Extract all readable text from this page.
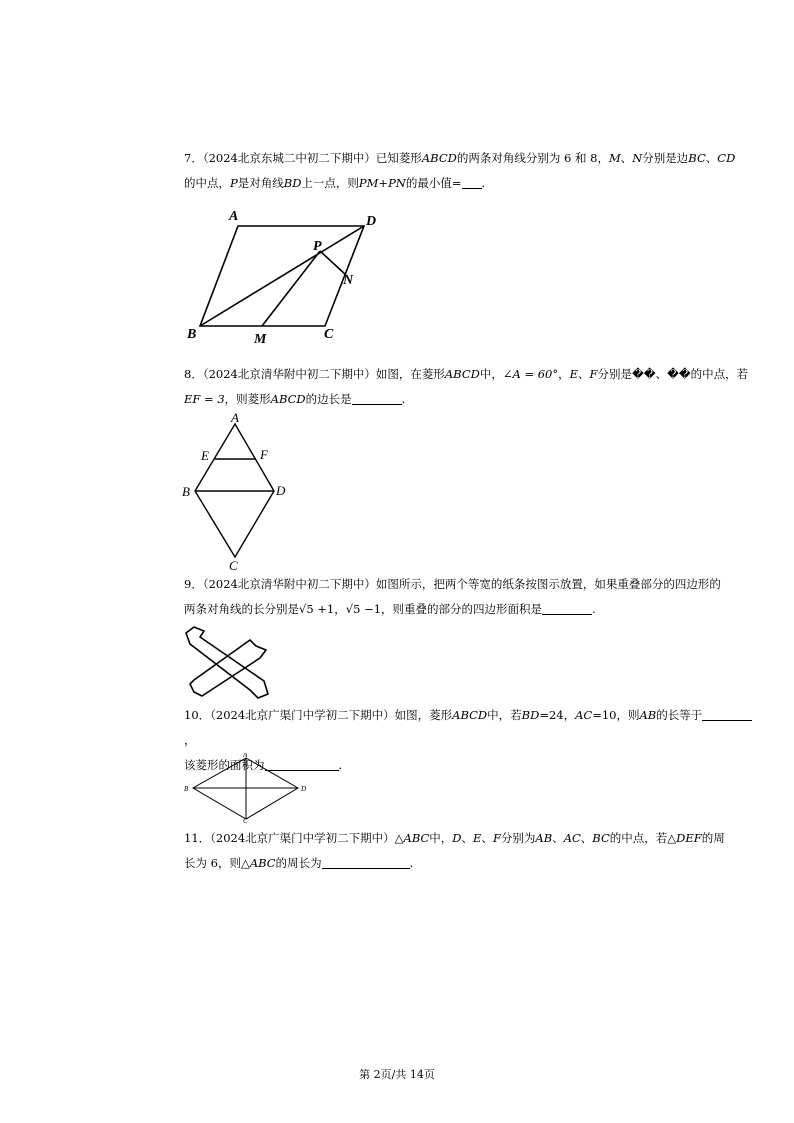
7．（2024北京东城二中初二下期中）已知菱形ABCD的两条对角线分别为 6 和 8，M、N分别是边BC、CD

的中点，P是对角线BD上一点，则PM+PN的最小值= .

A	D
P
N
B	C
M

8．（2024北京清华附中初二下期中）如图，在菱形ABCD中，∠A = 60°，E、F分别是��、��的中点，若

EF = 3，则菱形ABCD的边长是	.

A
E	F
B	D
C

9．（2024北京清华附中初二下期中）如图所示，把两个等宽的纸条按图示放置，如果重叠部分的四边形的

两条对角线的长分别是√5 +1，√5 −1，则重叠的部分的四边形面积是	.

10．（2024北京广渠门中学初二下期中）如图，菱形ABCD中，若BD=24，AC=10，则AB的长等于，

该菱形的面积为	.

A
B	D
C

11．（2024北京广渠门中学初二下期中）△ABC中，D、E、F分别为AB、AC、BC的中点，若△DEF的周

长为 6，则△ABC的周长为	.

第 2页/共 14页
